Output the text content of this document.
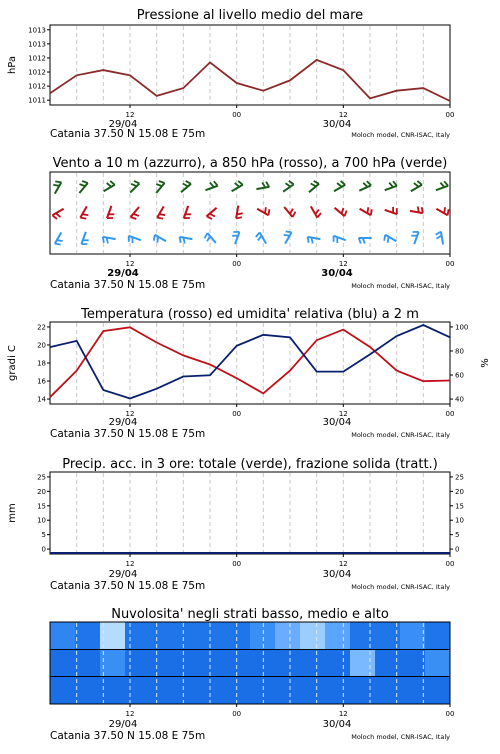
Pressione al livello medio del mare
1011
1012
1012
1012
1013
1013
hPa
12	00	12	00
29/04	30/04
Catania 37.50 N 15.08 E 75m	Moloch model, CNR-ISAC, Italy
Vento a 10 m (azzurro), a 850 hPa (rosso), a 700 hPa (verde)
12	00	12	00
29/04	30/04
Catania 37.50 N 15.08 E 75m	Moloch model, CNR-ISAC, Italy
Temperatura (rosso) ed umidita' relativa (blu) a 2 m
14
16
18
20
22
40
60
80
100
gradi C	%
12	00	12	00
29/04	30/04
Catania 37.50 N 15.08 E 75m	Moloch model, CNR-ISAC, Italy
Precip. acc. in 3 ore: totale (verde), frazione solida (tratt.)
0
5
10
15
20
25
0
5
10
15
20
25
mm
12	00	12	00
29/04	30/04
Catania 37.50 N 15.08 E 75m	Moloch model, CNR-ISAC, Italy
Nuvolosita' negli strati basso, medio e alto
12	00	12	00
29/04	30/04
Catania 37.50 N 15.08 E 75m	Moloch model, CNR-ISAC, Italy
